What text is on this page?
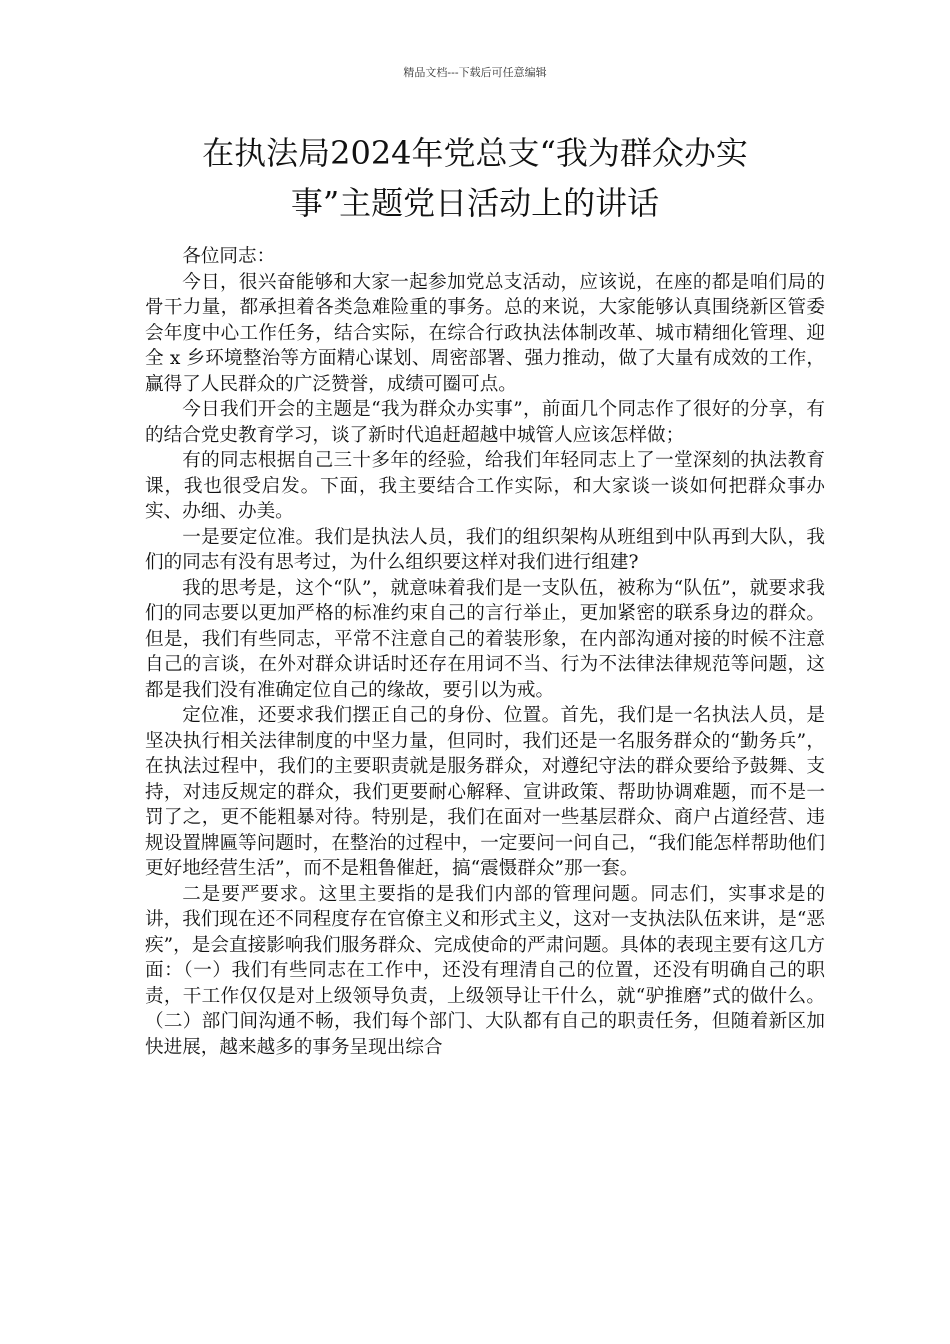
精品文档---下载后可任意编辑
在执法局2024年党总支“我为群众办实
事”主题党日活动上的讲话

各位同志：

今日，很兴奋能够和大家一起参加党总支活动，应该说，在座的都是咱们局的骨干力量，都承担着各类急难险重的事务。总的来说，大家能够认真围绕新区管委会年度中心工作任务，结合实际，在综合行政执法体制改革、城市精细化管理、迎全 x 乡环境整治等方面精心谋划、周密部署、强力推动，做了大量有成效的工作，赢得了人民群众的广泛赞誉，成绩可圈可点。

今日我们开会的主题是“我为群众办实事”，前面几个同志作了很好的分享，有的结合党史教育学习，谈了新时代追赶超越中城管人应该怎样做；

有的同志根据自己三十多年的经验，给我们年轻同志上了一堂深刻的执法教育课，我也很受启发。下面，我主要结合工作实际，和大家谈一谈如何把群众事办实、办细、办美。

一是要定位准。我们是执法人员，我们的组织架构从班组到中队再到大队，我们的同志有没有思考过，为什么组织要这样对我们进行组建?

我的思考是，这个“队”，就意味着我们是一支队伍，被称为“队伍”，就要求我们的同志要以更加严格的标准约束自己的言行举止，更加紧密的联系身边的群众。但是，我们有些同志，平常不注意自己的着装形象，在内部沟通对接的时候不注意自己的言谈，在外对群众讲话时还存在用词不当、行为不法律法律规范等问题，这都是我们没有准确定位自己的缘故，要引以为戒。

定位准，还要求我们摆正自己的身份、位置。首先，我们是一名执法人员，是坚决执行相关法律制度的中坚力量，但同时，我们还是一名服务群众的“勤务兵”，在执法过程中，我们的主要职责就是服务群众，对遵纪守法的群众要给予鼓舞、支持，对违反规定的群众，我们更要耐心解释、宣讲政策、帮助协调难题，而不是一罚了之，更不能粗暴对待。特别是，我们在面对一些基层群众、商户占道经营、违规设置牌匾等问题时，在整治的过程中，一定要问一问自己，“我们能怎样帮助他们更好地经营生活”，而不是粗鲁催赶，搞“震慑群众”那一套。

二是要严要求。这里主要指的是我们内部的管理问题。同志们，实事求是的讲，我们现在还不同程度存在官僚主义和形式主义，这对一支执法队伍来讲，是“恶疾”，是会直接影响我们服务群众、完成使命的严肃问题。具体的表现主要有这几方面：（一）我们有些同志在工作中，还没有理清自己的位置，还没有明确自己的职责，干工作仅仅是对上级领导负责，上级领导让干什么，就“驴推磨”式的做什么。（二）部门间沟通不畅，我们每个部门、大队都有自己的职责任务，但随着新区加快进展，越来越多的事务呈现出综合
